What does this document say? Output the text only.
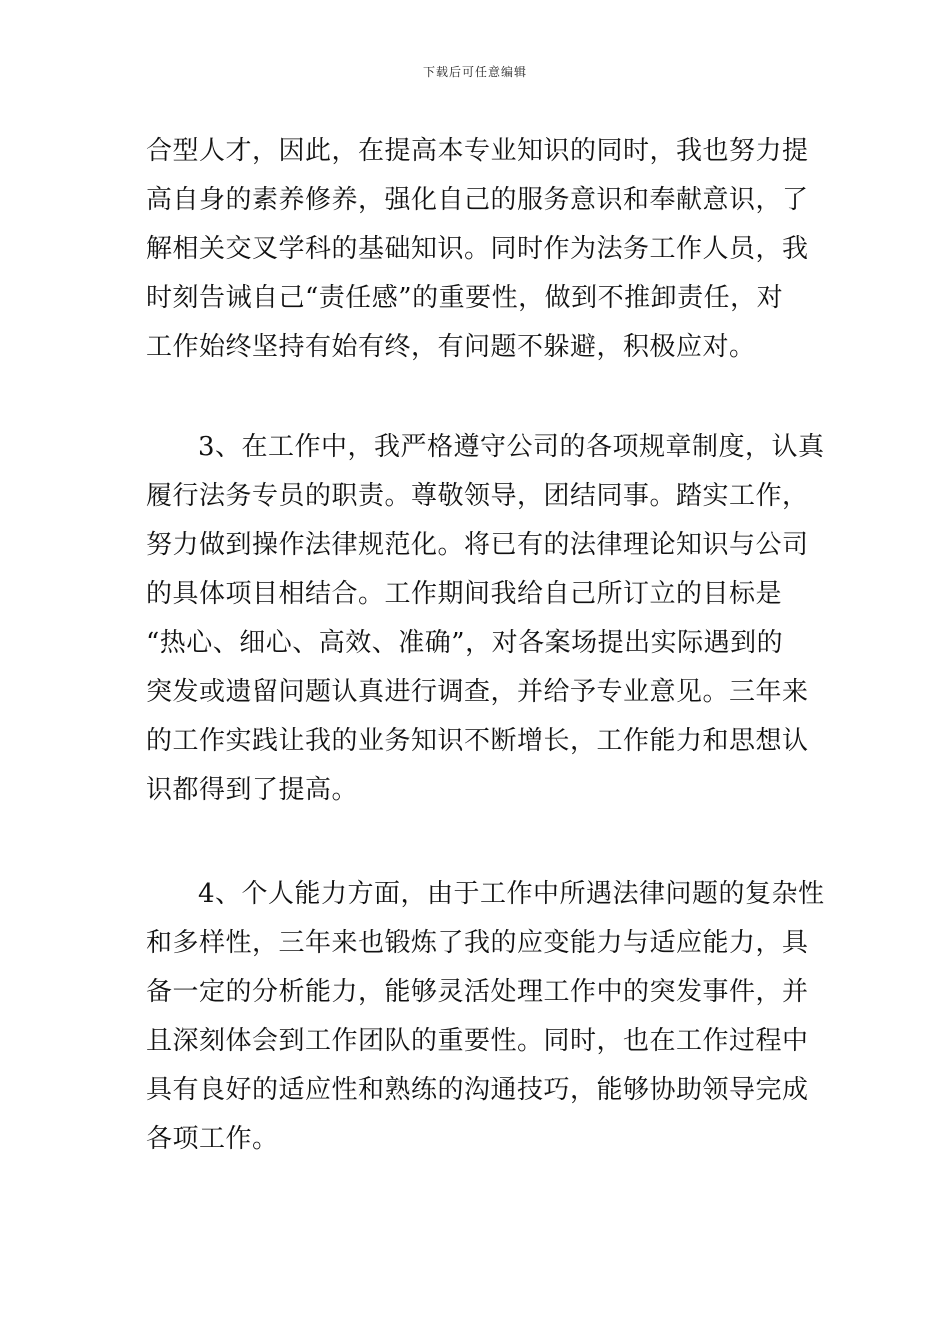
下载后可任意编辑
合型人才，因此，在提高本专业知识的同时，我也努力提
高自身的素养修养，强化自己的服务意识和奉献意识，了
解相关交叉学科的基础知识。同时作为法务工作人员，我
时刻告诫自己“责任感”的重要性，做到不推卸责任，对
工作始终坚持有始有终，有问题不躲避，积极应对。
3、在工作中，我严格遵守公司的各项规章制度，认真
履行法务专员的职责。尊敬领导，团结同事。踏实工作，
努力做到操作法律规范化。将已有的法律理论知识与公司
的具体项目相结合。工作期间我给自己所订立的目标是
“热心、细心、高效、准确”，对各案场提出实际遇到的
突发或遗留问题认真进行调查，并给予专业意见。三年来
的工作实践让我的业务知识不断增长，工作能力和思想认
识都得到了提高。
4、个人能力方面，由于工作中所遇法律问题的复杂性
和多样性，三年来也锻炼了我的应变能力与适应能力，具
备一定的分析能力，能够灵活处理工作中的突发事件，并
且深刻体会到工作团队的重要性。同时，也在工作过程中
具有良好的适应性和熟练的沟通技巧，能够协助领导完成
各项工作。
